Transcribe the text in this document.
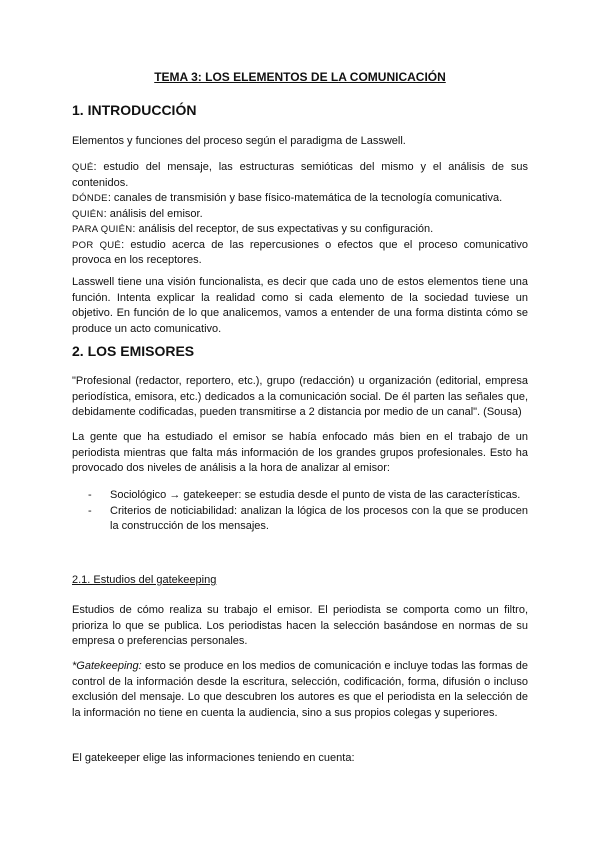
TEMA 3: LOS ELEMENTOS DE LA COMUNICACIÓN
1. INTRODUCCIÓN

Elementos y funciones del proceso según el paradigma de Lasswell.

QUÉ: estudio del mensaje, las estructuras semióticas del mismo y el análisis de sus contenidos.
DÓNDE: canales de transmisión y base físico-matemática de la tecnología comunicativa.
QUIÉN: análisis del emisor.
PARA QUIÉN: análisis del receptor, de sus expectativas y su configuración.
POR QUÉ: estudio acerca de las repercusiones o efectos que el proceso comunicativo provoca en los receptores.

Lasswell tiene una visión funcionalista, es decir que cada uno de estos elementos tiene una función. Intenta explicar la realidad como si cada elemento de la sociedad tuviese un objetivo. En función de lo que analicemos, vamos a entender de una forma distinta cómo se produce un acto comunicativo.

2. LOS EMISORES

"Profesional (redactor, reportero, etc.), grupo (redacción) u organización (editorial, empresa periodística, emisora, etc.) dedicados a la comunicación social. De él parten las señales que, debidamente codificadas, pueden transmitirse a 2 distancia por medio de un canal". (Sousa)

La gente que ha estudiado el emisor se había enfocado más bien en el trabajo de un periodista mientras que falta más información de los grandes grupos profesionales. Esto ha provocado dos niveles de análisis a la hora de analizar al emisor:

- Sociológico → gatekeeper: se estudia desde el punto de vista de las características.
- Criterios de noticiabilidad: analizan la lógica de los procesos con la que se producen la construcción de los mensajes.

2.1. Estudios del gatekeeping

Estudios de cómo realiza su trabajo el emisor. El periodista se comporta como un filtro, prioriza lo que se publica. Los periodistas hacen la selección basándose en normas de su empresa o preferencias personales.

*Gatekeeping: esto se produce en los medios de comunicación e incluye todas las formas de control de la información desde la escritura, selección, codificación, forma, difusión o incluso exclusión del mensaje. Lo que descubren los autores es que el periodista en la selección de la información no tiene en cuenta la audiencia, sino a sus propios colegas y superiores.

El gatekeeper elige las informaciones teniendo en cuenta:
